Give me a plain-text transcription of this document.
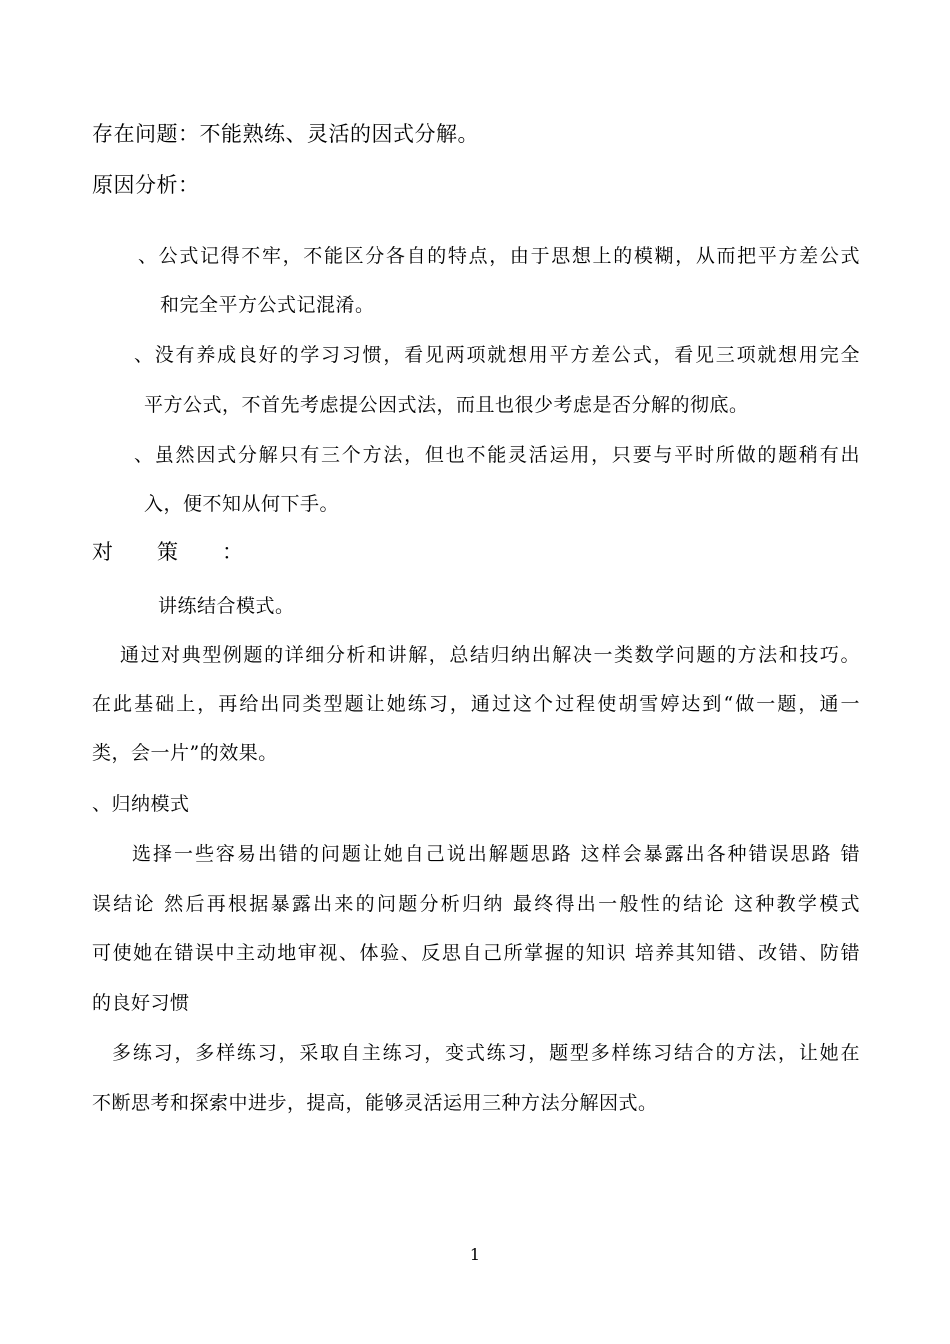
存在问题：不能熟练、灵活的因式分解。
原因分析：
、公式记得不牢，不能区分各自的特点，由于思想上的模糊，从而把平方差公式
和完全平方公式记混淆。
、没有养成良好的学习习惯，看见两项就想用平方差公式，看见三项就想用完全
平方公式，不首先考虑提公因式法，而且也很少考虑是否分解的彻底。
、虽然因式分解只有三个方法，但也不能灵活运用，只要与平时所做的题稍有出
入，便不知从何下手。
对策：
讲练结合模式。
通过对典型例题的详细分析和讲解，总结归纳出解决一类数学问题的方法和技巧。
在此基础上，再给出同类型题让她练习，通过这个过程使胡雪婷达到“做一题，通一
类，会一片”的效果。
、归纳模式
选择一些容易出错的问题让她自己说出解题思路 这样会暴露出各种错误思路 错
误结论 然后再根据暴露出来的问题分析归纳 最终得出一般性的结论 这种教学模式
可使她在错误中主动地审视、体验、反思自己所掌握的知识 培养其知错、改错、防错
的良好习惯
多练习，多样练习，采取自主练习，变式练习，题型多样练习结合的方法，让她在
不断思考和探索中进步，提高，能够灵活运用三种方法分解因式。
1
